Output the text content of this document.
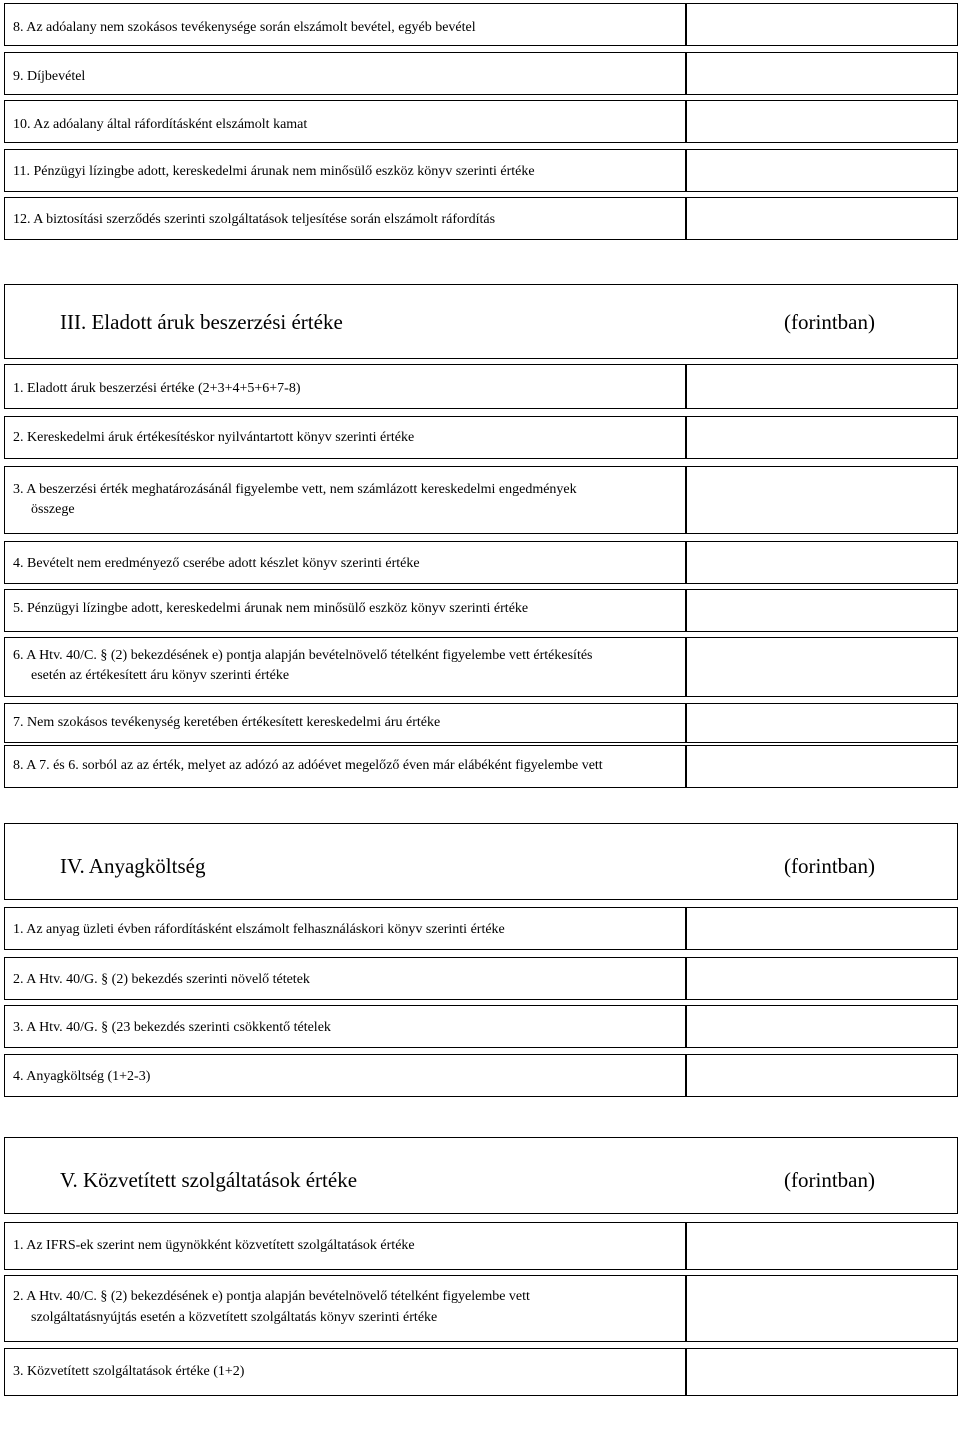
8. Az adóalany nem szokásos tevékenysége során elszámolt bevétel, egyéb bevétel
9. Díjbevétel
10. Az adóalany által ráfordításként elszámolt kamat
11. Pénzügyi lízingbe adott, kereskedelmi árunak nem minősülő eszköz könyv szerinti értéke
12. A biztosítási szerződés szerinti szolgáltatások teljesítése során elszámolt ráfordítás
III. Eladott áruk beszerzési értéke	(forintban)
1. Eladott áruk beszerzési értéke (2+3+4+5+6+7-8)
2. Kereskedelmi áruk értékesítéskor nyilvántartott könyv szerinti értéke
3. A beszerzési érték meghatározásánál figyelembe vett, nem számlázott kereskedelmi engedmények
összege
4. Bevételt nem eredményező cserébe adott készlet könyv szerinti értéke
5. Pénzügyi lízingbe adott, kereskedelmi árunak nem minősülő eszköz könyv szerinti értéke
6. A Htv. 40/C. § (2) bekezdésének e) pontja alapján bevételnövelő tételként figyelembe vett értékesítés
esetén az értékesített áru könyv szerinti értéke
7. Nem szokásos tevékenység keretében értékesített kereskedelmi áru értéke
8. A 7. és 6. sorból az az érték, melyet az adózó az adóévet megelőző éven már elábéként figyelembe vett
IV. Anyagköltség	(forintban)
1. Az anyag üzleti évben ráfordításként elszámolt felhasználáskori könyv szerinti értéke
2. A Htv. 40/G. § (2) bekezdés szerinti növelő tétetek
3. A Htv. 40/G. § (23 bekezdés szerinti csökkentő tételek
4. Anyagköltség (1+2-3)
V. Közvetített szolgáltatások értéke	(forintban)
1. Az IFRS-ek szerint nem ügynökként közvetített szolgáltatások értéke
2. A Htv. 40/C. § (2) bekezdésének e) pontja alapján bevételnövelő tételként figyelembe vett
szolgáltatásnyújtás esetén a közvetített szolgáltatás könyv szerinti értéke
3. Közvetített szolgáltatások értéke (1+2)
